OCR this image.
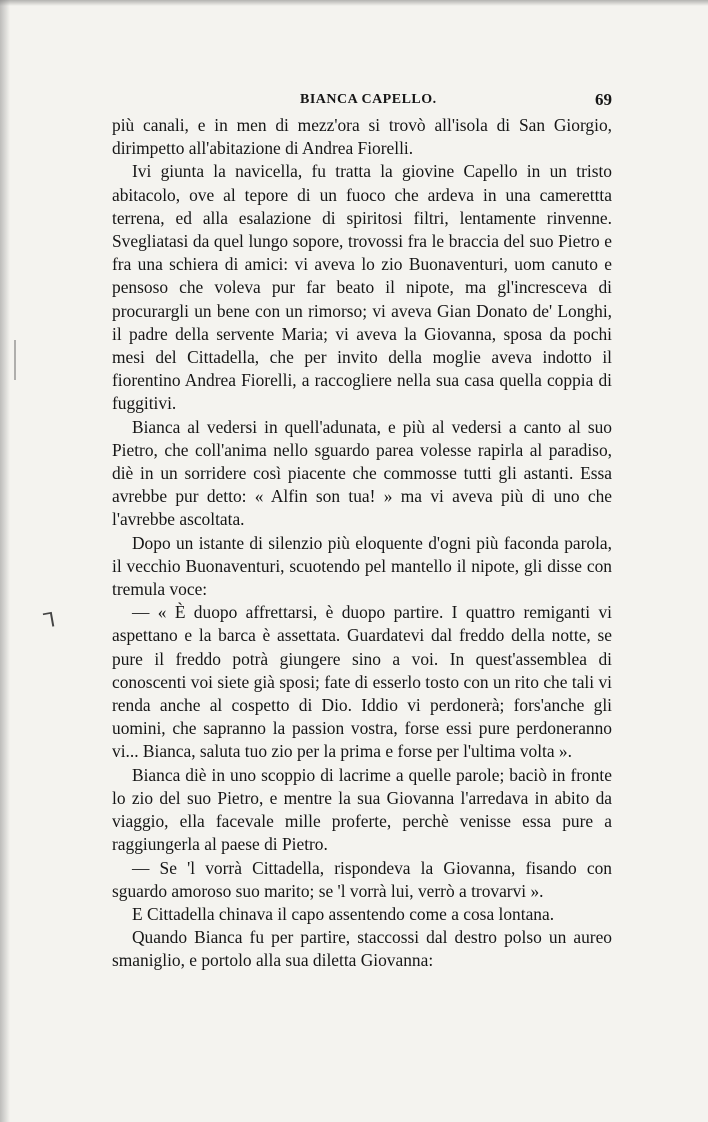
BIANCA CAPELLO.	69

più canali, e in men di mezz'ora si trovò all'isola di San Giorgio, dirimpetto all'abitazione di Andrea Fiorelli.

Ivi giunta la navicella, fu tratta la giovine Capello in un tristo abitacolo, ove al tepore di un fuoco che ardeva in una camerettta terrena, ed alla esalazione di spiritosi filtri, lentamente rinvenne. Svegliatasi da quel lungo sopore, trovossi fra le braccia del suo Pietro e fra una schiera di amici: vi aveva lo zio Buonaventuri, uom canuto e pensoso che voleva pur far beato il nipote, ma gl'incresceva di procurargli un bene con un rimorso; vi aveva Gian Donato de' Longhi, il padre della servente Maria; vi aveva la Giovanna, sposa da pochi mesi del Cittadella, che per invito della moglie aveva indotto il fiorentino Andrea Fiorelli, a raccogliere nella sua casa quella coppia di fuggitivi.

Bianca al vedersi in quell'adunata, e più al vedersi a canto al suo Pietro, che coll'anima nello sguardo parea volesse rapirla al paradiso, diè in un sorridere così piacente che commosse tutti gli astanti. Essa avrebbe pur detto: « Alfin son tua! » ma vi aveva più di uno che l'avrebbe ascoltata.

Dopo un istante di silenzio più eloquente d'ogni più faconda parola, il vecchio Buonaventuri, scuotendo pel mantello il nipote, gli disse con tremula voce:

— « È duopo affrettarsi, è duopo partire. I quattro remiganti vi aspettano e la barca è assettata. Guardatevi dal freddo della notte, se pure il freddo potrà giungere sino a voi. In quest'assemblea di conoscenti voi siete già sposi; fate di esserlo tosto con un rito che tali vi renda anche al cospetto di Dio. Iddio vi perdonerà; fors'anche gli uomini, che sapranno la passion vostra, forse essi pure perdoneranno vi... Bianca, saluta tuo zio per la prima e forse per l'ultima volta ».

Bianca diè in uno scoppio di lacrime a quelle parole; baciò in fronte lo zio del suo Pietro, e mentre la sua Giovanna l'arredava in abito da viaggio, ella facevale mille proferte, perchè venisse essa pure a raggiungerla al paese di Pietro.

— Se 'l vorrà Cittadella, rispondeva la Giovanna, fisando con sguardo amoroso suo marito; se 'l vorrà lui, verrò a trovarvi ».

E Cittadella chinava il capo assentendo come a cosa lontana.

Quando Bianca fu per partire, staccossi dal destro polso un aureo smaniglio, e portolo alla sua diletta Giovanna:

⅂
